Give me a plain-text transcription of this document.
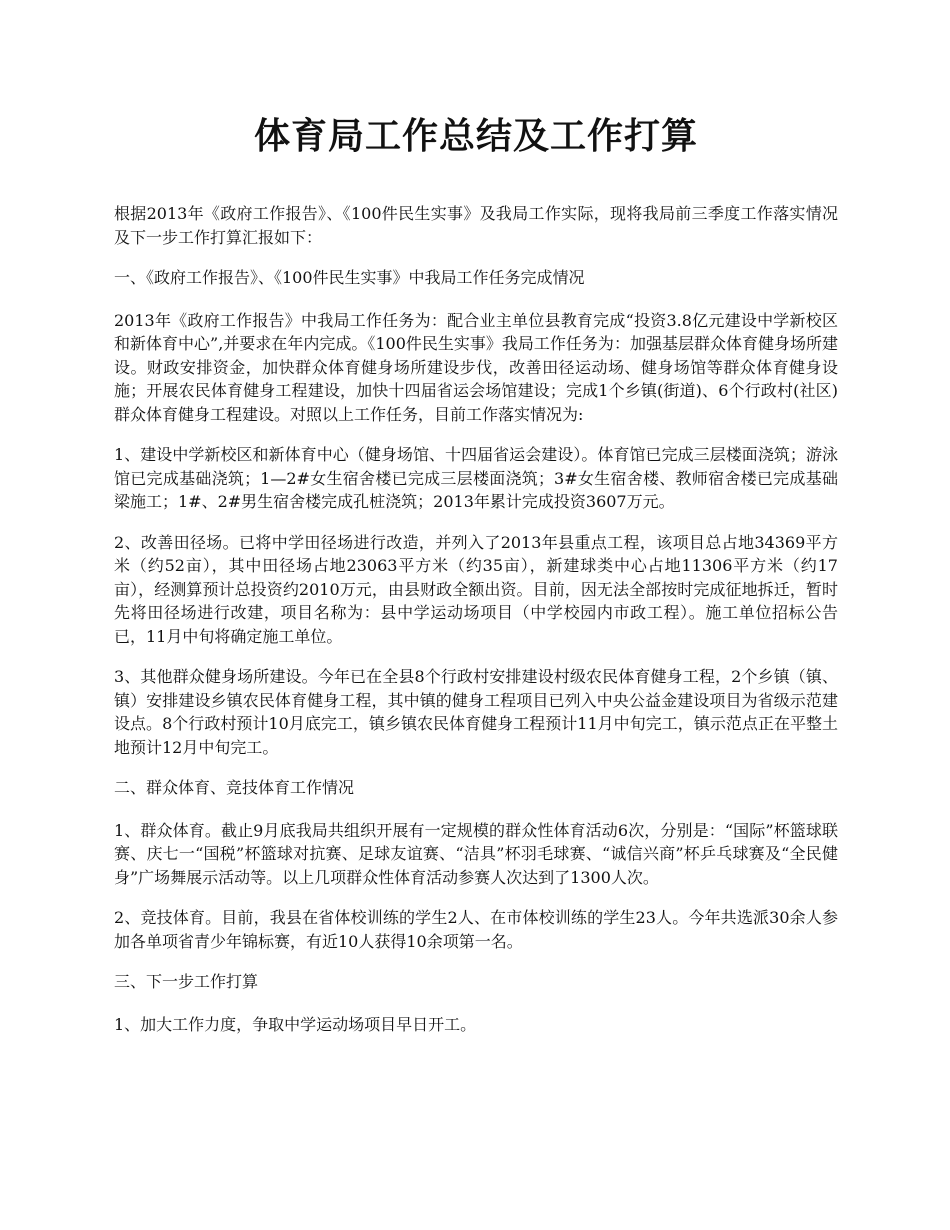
体育局工作总结及工作打算

根据2013年《政府工作报告》、《100件民生实事》及我局工作实际，现将我局前三季度工作落实情况及下一步工作打算汇报如下：

一、《政府工作报告》、《100件民生实事》中我局工作任务完成情况

2013年《政府工作报告》中我局工作任务为：配合业主单位县教育完成“投资3.8亿元建设中学新校区和新体育中心”,并要求在年内完成。《100件民生实事》我局工作任务为：加强基层群众体育健身场所建设。财政安排资金，加快群众体育健身场所建设步伐，改善田径运动场、健身场馆等群众体育健身设施；开展农民体育健身工程建设，加快十四届省运会场馆建设；完成1个乡镇(街道)、6个行政村(社区)群众体育健身工程建设。对照以上工作任务，目前工作落实情况为:

1、建设中学新校区和新体育中心（健身场馆、十四届省运会建设）。体育馆已完成三层楼面浇筑；游泳馆已完成基础浇筑；1—2#女生宿舍楼已完成三层楼面浇筑；3#女生宿舍楼、教师宿舍楼已完成基础梁施工；1#、2#男生宿舍楼完成孔桩浇筑；2013年累计完成投资3607万元。

2、改善田径场。已将中学田径场进行改造，并列入了2013年县重点工程，该项目总占地34369平方米（约52亩），其中田径场占地23063平方米（约35亩），新建球类中心占地11306平方米（约17亩），经测算预计总投资约2010万元，由县财政全额出资。目前，因无法全部按时完成征地拆迁，暂时先将田径场进行改建，项目名称为：县中学运动场项目（中学校园内市政工程）。施工单位招标公告已，11月中旬将确定施工单位。

3、其他群众健身场所建设。今年已在全县8个行政村安排建设村级农民体育健身工程，2个乡镇（镇、镇）安排建设乡镇农民体育健身工程，其中镇的健身工程项目已列入中央公益金建设项目为省级示范建设点。8个行政村预计10月底完工，镇乡镇农民体育健身工程预计11月中旬完工，镇示范点正在平整土地预计12月中旬完工。

二、群众体育、竞技体育工作情况

1、群众体育。截止9月底我局共组织开展有一定规模的群众性体育活动6次，分别是：“国际”杯篮球联赛、庆七一“国税”杯篮球对抗赛、足球友谊赛、“洁具”杯羽毛球赛、“诚信兴商”杯乒乓球赛及“全民健身”广场舞展示活动等。以上几项群众性体育活动参赛人次达到了1300人次。

2、竞技体育。目前，我县在省体校训练的学生2人、在市体校训练的学生23人。今年共选派30余人参加各单项省青少年锦标赛，有近10人获得10余项第一名。

三、下一步工作打算

1、加大工作力度，争取中学运动场项目早日开工。
